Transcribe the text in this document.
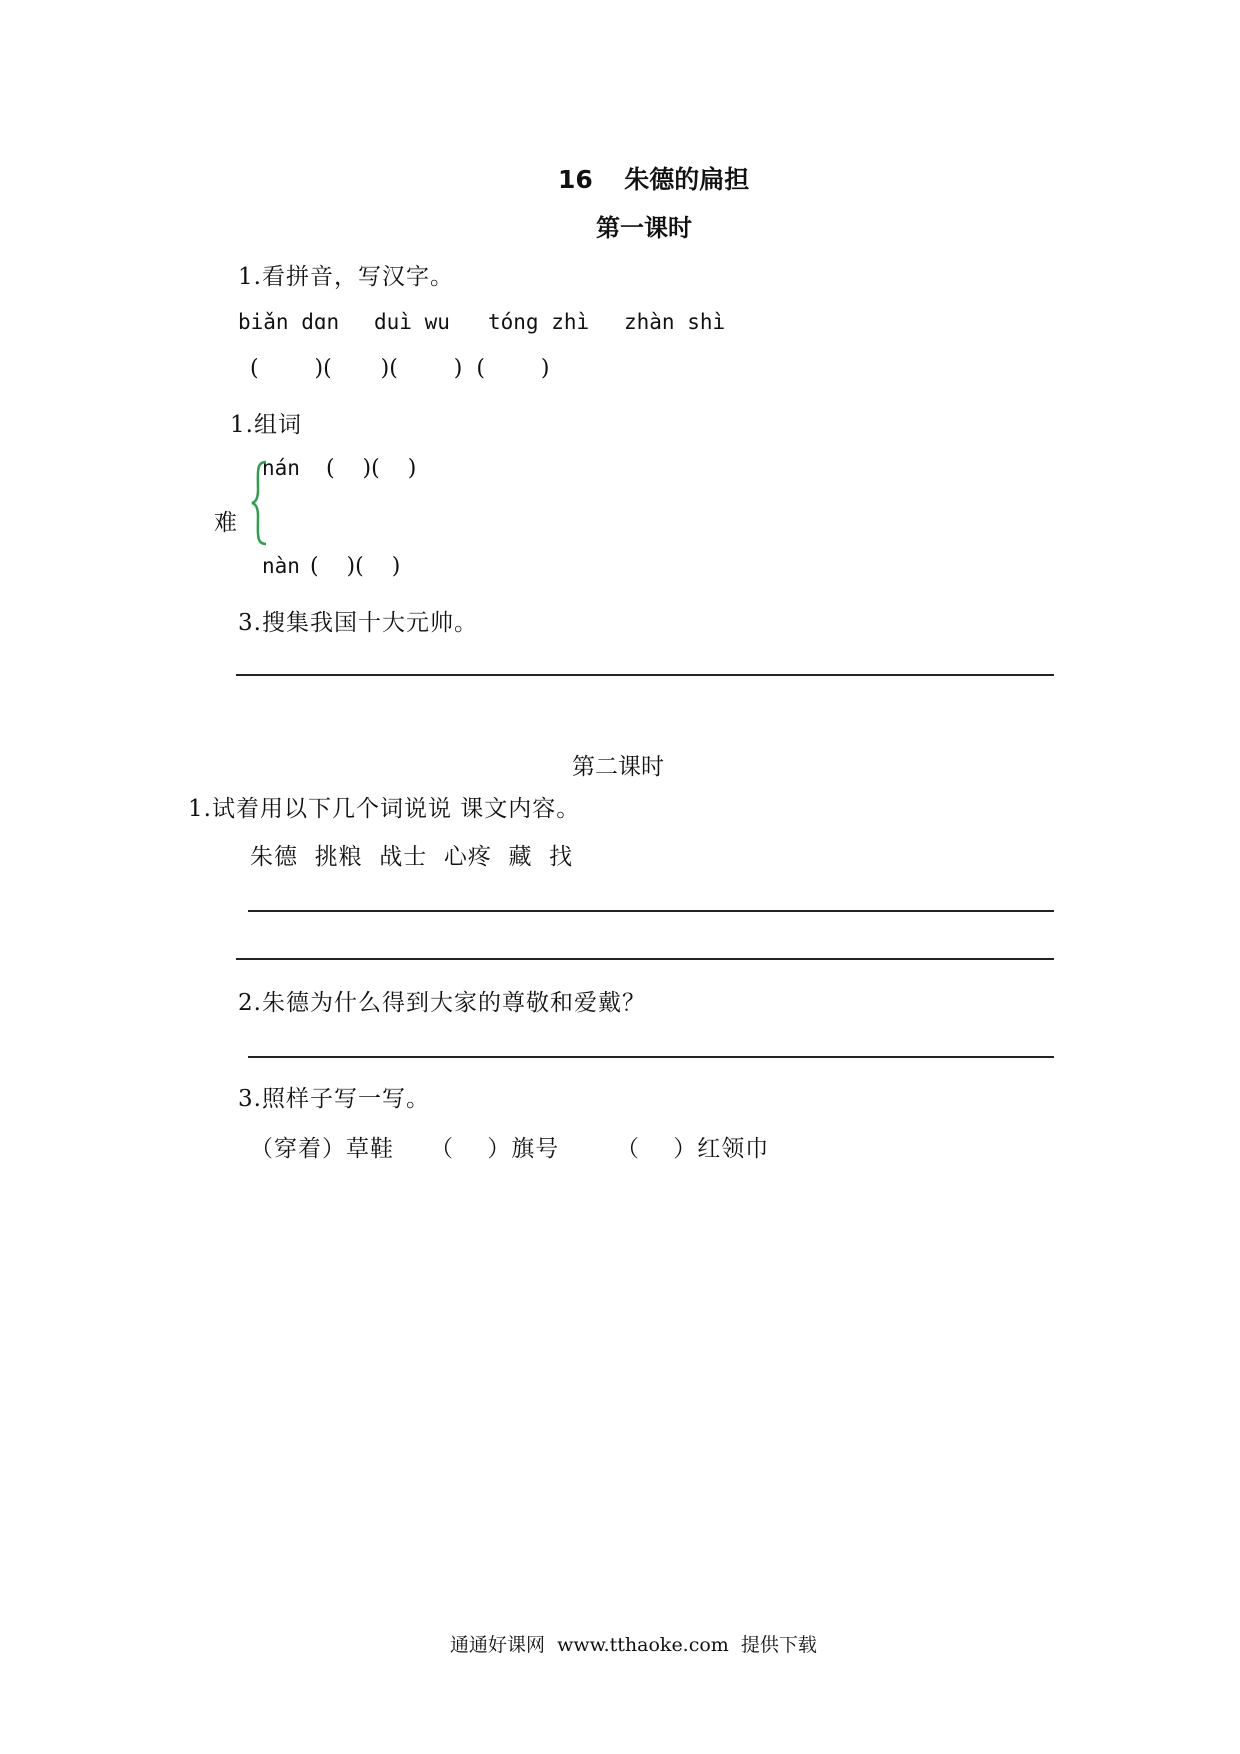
16 朱德的扁担
第一课时
1.看拼音，写汉字。
biǎn dɑn duì wu tóng zhì zhàn shì
(        )(       )(        )  (        )
1.组词
难
nán (    )(    )
nàn (    )(    )
3.搜集我国十大元帅。
第二课时
1.试着用以下几个词说说 课文内容。
朱德  挑粮  战士  心疼  藏  找
2.朱德为什么得到大家的尊敬和爱戴？
3.照样子写一写。
（穿着）草鞋 （    ）旗号 （    ）红领巾
通通好课网  www.tthaoke.com  提供下载
